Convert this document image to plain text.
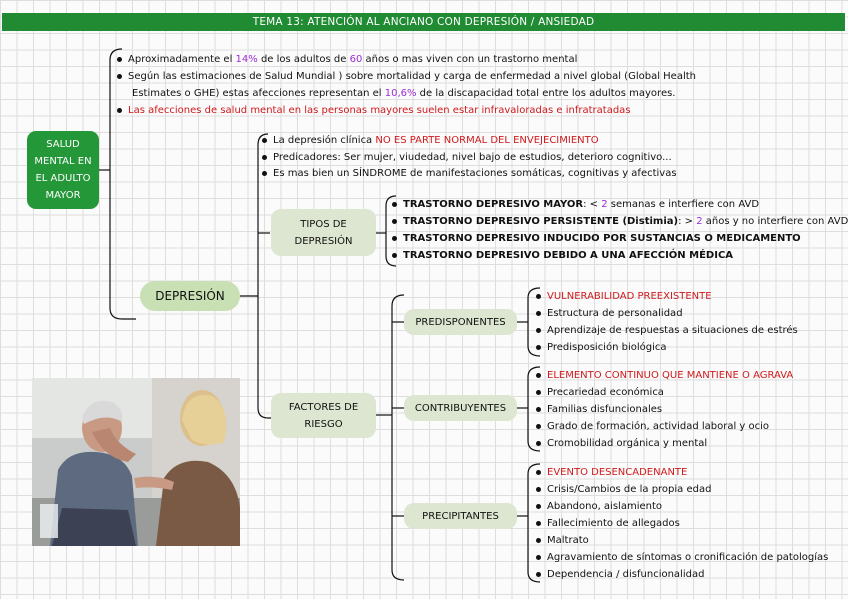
TEMA 13: ATENCIÓN AL ANCIANO CON DEPRESIÓN / ANSIEDAD
SALUD MENTAL EN EL ADULTO MAYOR
Aproximadamente el 14% de los adultos de 60 años o mas viven con un trastorno mental
Según las estimaciones de Salud Mundial ) sobre mortalidad y carga de enfermedad a nivel global (Global Health
Estimates o GHE) estas afecciones representan el 10,6% de la discapacidad total entre los adultos mayores.
Las afecciones de salud mental en las personas mayores suelen estar infravaloradas e infratratadas
DEPRESIÓN
La depresión clínica NO ES PARTE NORMAL DEL ENVEJECIMIENTO
Predicadores: Ser mujer, viudedad, nivel bajo de estudios, deterioro cognitivo...
Es mas bien un SÍNDROME de manifestaciones somáticas, cognitivas y afectivas
TIPOS DE DEPRESIÓN
TRASTORNO DEPRESIVO MAYOR: < 2 semanas e interfiere con AVD
TRASTORNO DEPRESIVO PERSISTENTE (Distimia): > 2 años y no interfiere con AVD
TRASTORNO DEPRESIVO INDUCIDO POR SUSTANCIAS O MEDICAMENTO
TRASTORNO DEPRESIVO DEBIDO A UNA AFECCIÓN MÉDICA
FACTORES DE RIESGO
PREDISPONENTES
CONTRIBUYENTES
PRECIPITANTES
VULNERABILIDAD PREEXISTENTE
Estructura de personalidad
Aprendizaje de respuestas a situaciones de estrés
Predisposición biológica
ELEMENTO CONTINUO QUE MANTIENE O AGRAVA
Precariedad económica
Familias disfuncionales
Grado de formación, actividad laboral y ocio
Cromobilidad orgánica y mental
EVENTO DESENCADENANTE
Crisis/Cambios de la propia edad
Abandono, aislamiento
Fallecimiento de allegados
Maltrato
Agravamiento de síntomas o cronificación de patologías
Dependencia / disfuncionalidad
